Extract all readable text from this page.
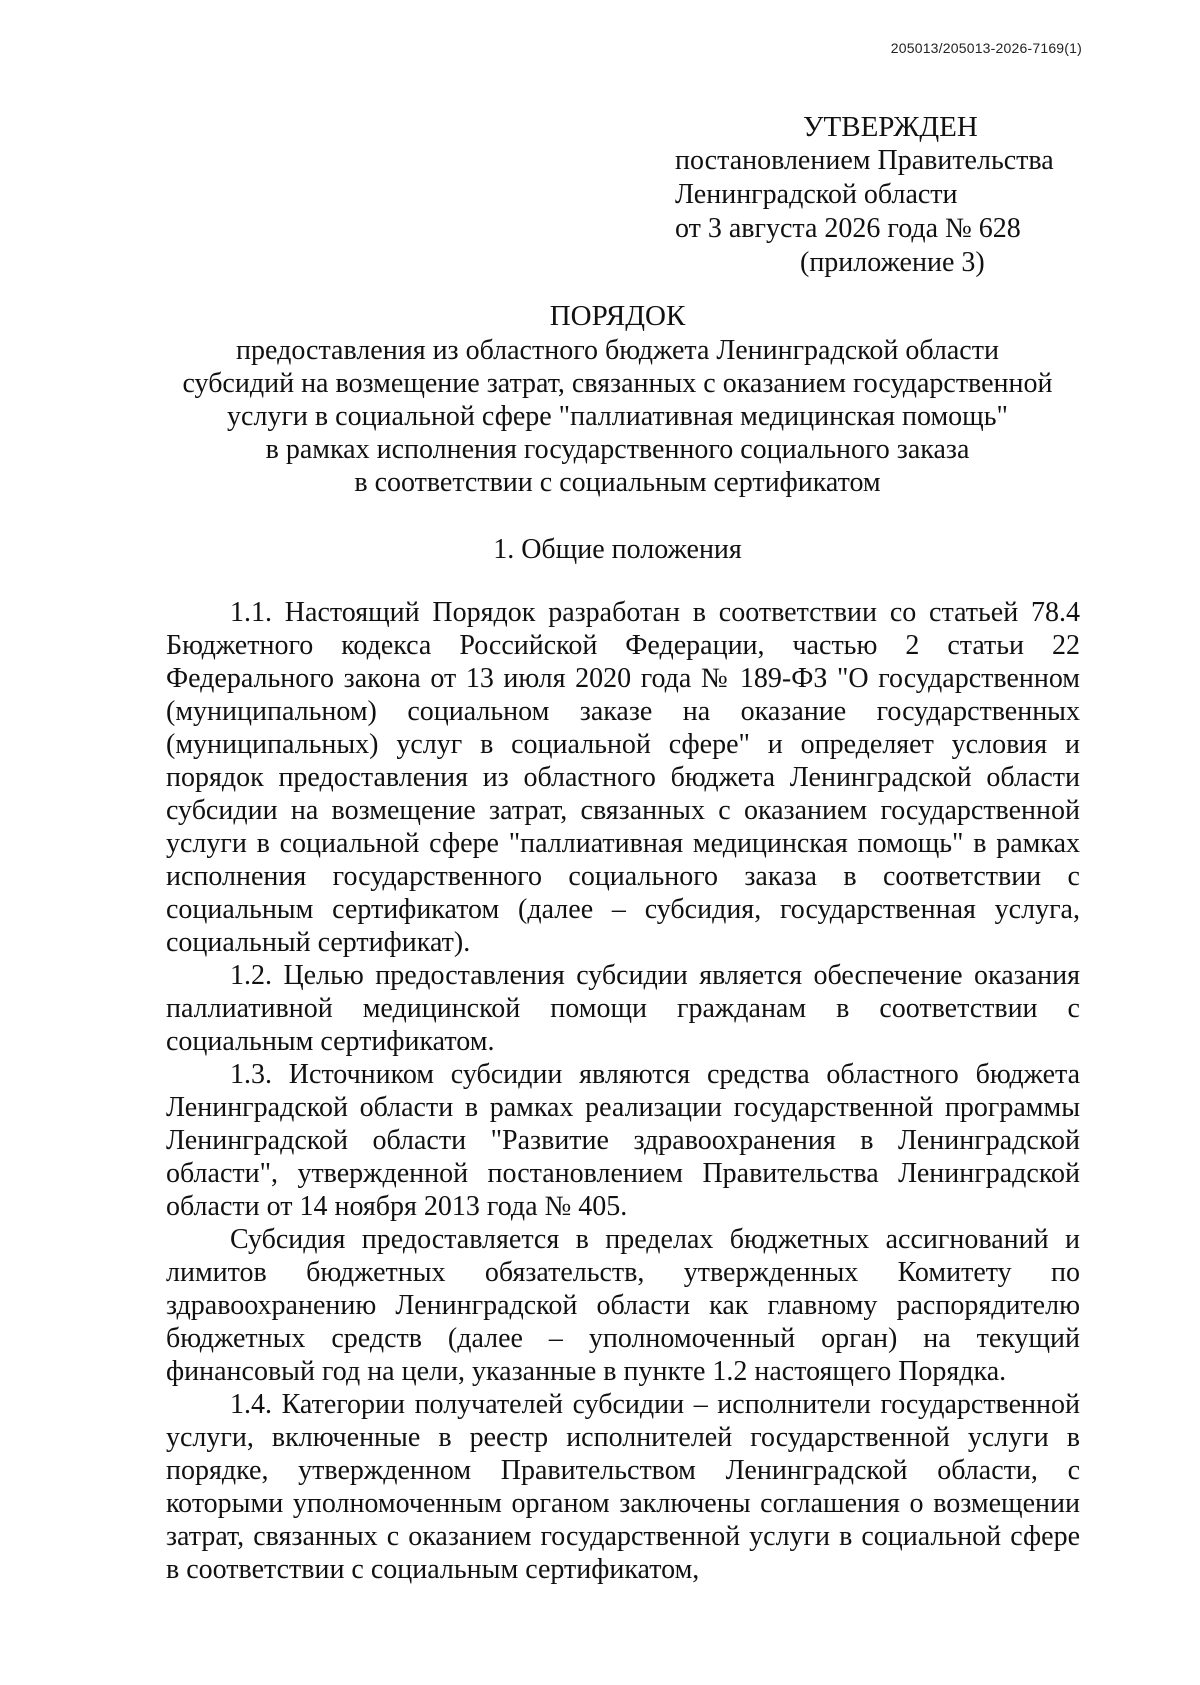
205013/205013-2026-7169(1)
УТВЕРЖДЕН
постановлением Правительства
Ленинградской области
от 3 августа 2026 года № 628
(приложение 3)
ПОРЯДОК
предоставления из областного бюджета Ленинградской области
субсидий на возмещение затрат, связанных с оказанием государственной
услуги в социальной сфере "паллиативная медицинская помощь"
в рамках исполнения государственного социального заказа
в соответствии с социальным сертификатом
1. Общие положения

1.1. Настоящий Порядок разработан в соответствии со статьей 78.4 Бюджетного кодекса Российской Федерации, частью 2 статьи 22 Федерального закона от 13 июля 2020 года № 189-ФЗ "О государственном (муниципальном) социальном заказе на оказание государственных (муниципальных) услуг в социальной сфере" и определяет условия и порядок предоставления из областного бюджета Ленинградской области субсидии на возмещение затрат, связанных с оказанием государственной услуги в социальной сфере "паллиативная медицинская помощь" в рамках исполнения государственного социального заказа в соответствии с социальным сертификатом (далее – субсидия, государственная услуга, социальный сертификат).

1.2. Целью предоставления субсидии является обеспечение оказания паллиативной медицинской помощи гражданам в соответствии с социальным сертификатом.

1.3. Источником субсидии являются средства областного бюджета Ленинградской области в рамках реализации государственной программы Ленинградской области "Развитие здравоохранения в Ленинградской области", утвержденной постановлением Правительства Ленинградской области от 14 ноября 2013 года № 405.

Субсидия предоставляется в пределах бюджетных ассигнований и лимитов бюджетных обязательств, утвержденных Комитету по здравоохранению Ленинградской области как главному распорядителю бюджетных средств (далее – уполномоченный орган) на текущий финансовый год на цели, указанные в пункте 1.2 настоящего Порядка.

1.4. Категории получателей субсидии – исполнители государственной услуги, включенные в реестр исполнителей государственной услуги в порядке, утвержденном Правительством Ленинградской области, с которыми уполномоченным органом заключены соглашения о возмещении затрат, связанных с оказанием государственной услуги в социальной сфере в соответствии с социальным сертификатом,
